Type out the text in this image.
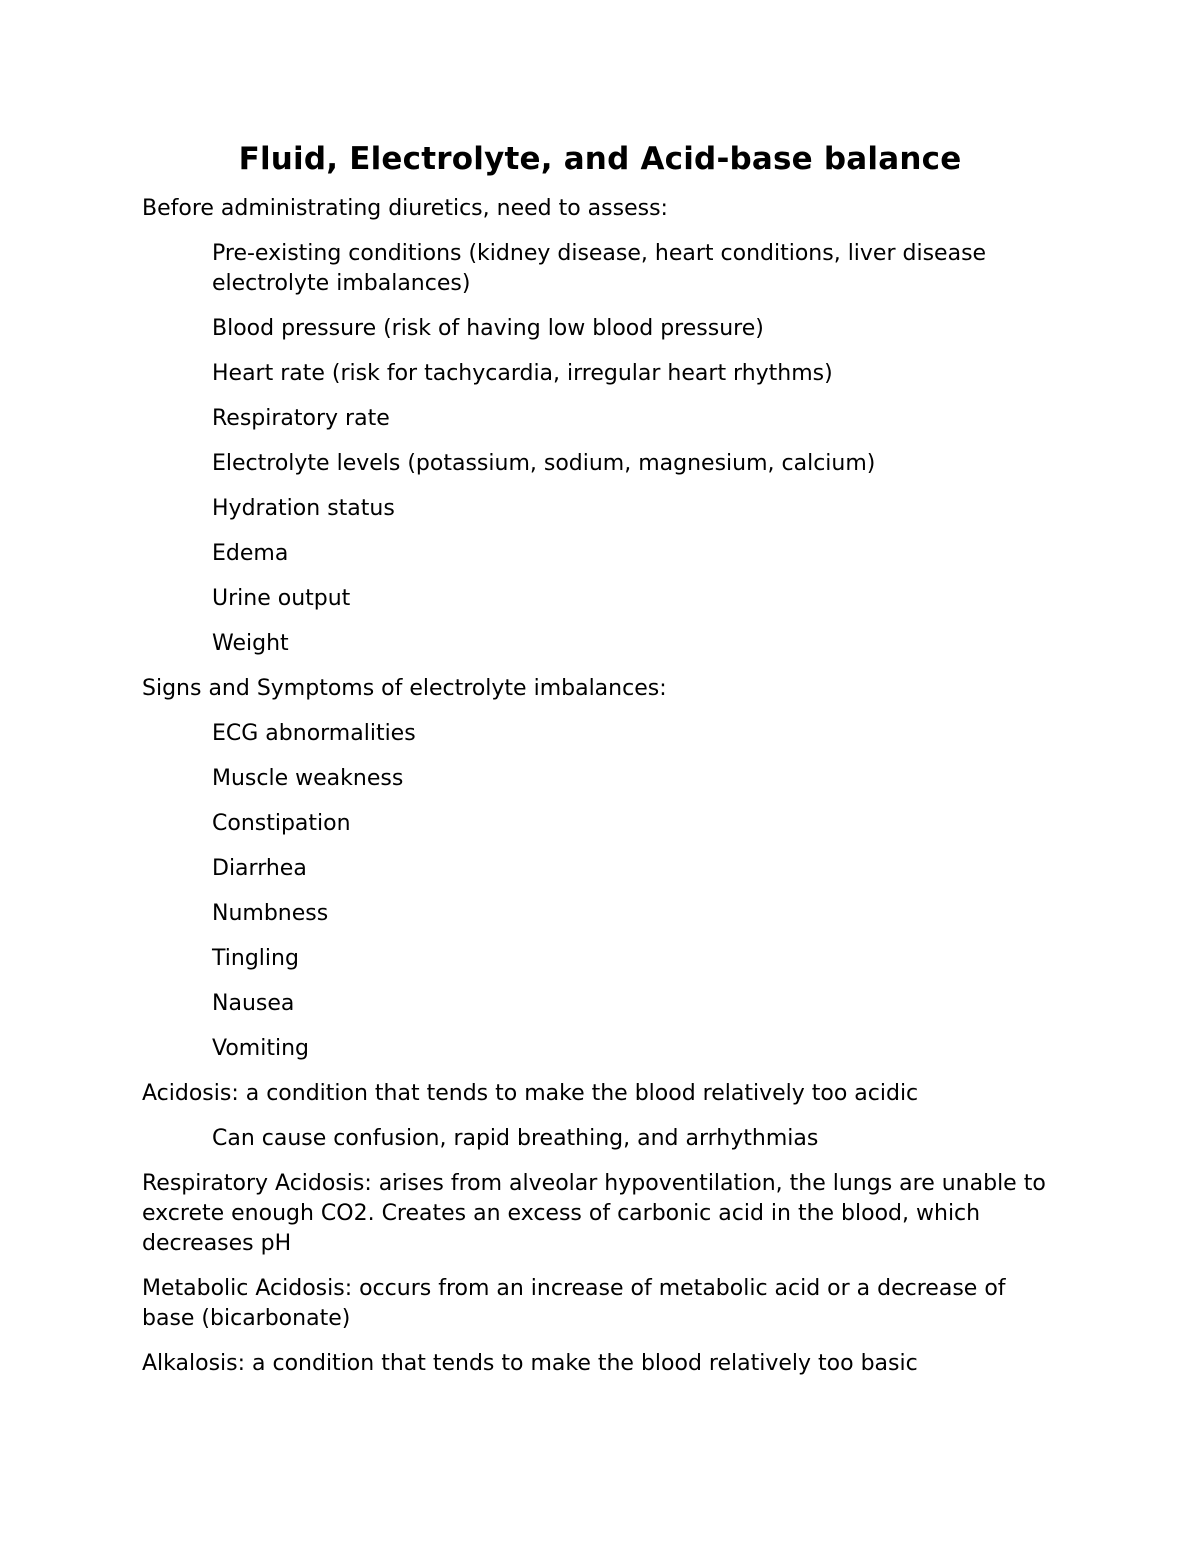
Fluid, Electrolyte, and Acid-base balance

Before administrating diuretics, need to assess:

Pre-existing conditions (kidney disease, heart conditions, liver disease electrolyte imbalances)

Blood pressure (risk of having low blood pressure)

Heart rate (risk for tachycardia, irregular heart rhythms)

Respiratory rate

Electrolyte levels (potassium, sodium, magnesium, calcium)

Hydration status

Edema

Urine output

Weight

Signs and Symptoms of electrolyte imbalances:

ECG abnormalities

Muscle weakness

Constipation

Diarrhea

Numbness

Tingling

Nausea

Vomiting

Acidosis: a condition that tends to make the blood relatively too acidic

Can cause confusion, rapid breathing, and arrhythmias

Respiratory Acidosis: arises from alveolar hypoventilation, the lungs are unable to excrete enough CO2. Creates an excess of carbonic acid in the blood, which decreases pH

Metabolic Acidosis: occurs from an increase of metabolic acid or a decrease of base (bicarbonate)

Alkalosis: a condition that tends to make the blood relatively too basic
